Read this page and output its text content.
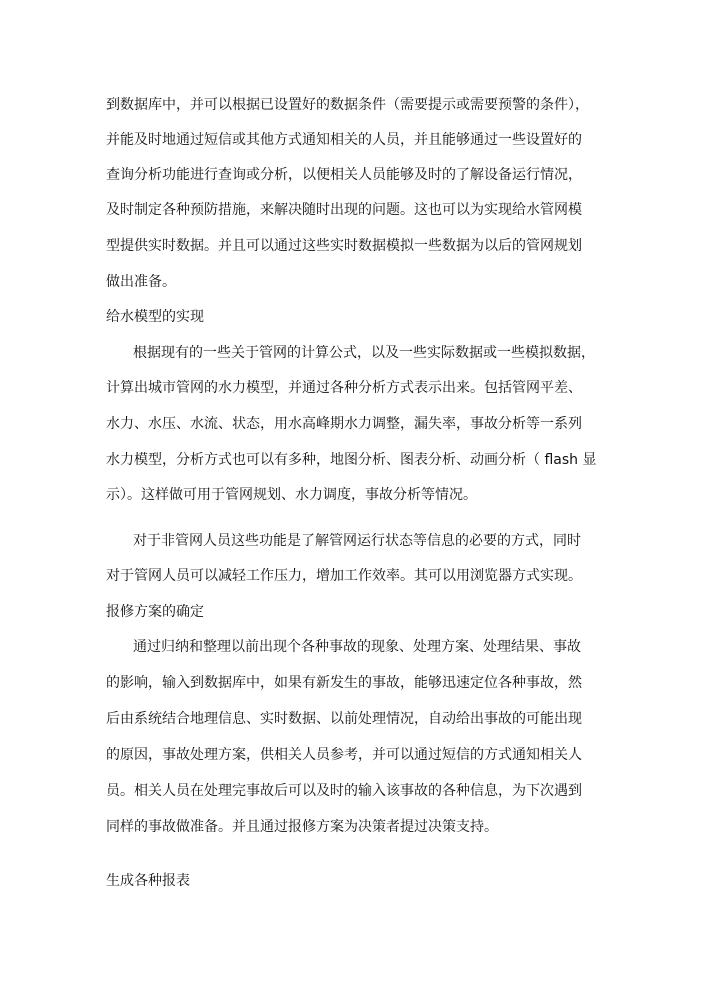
到数据库中，并可以根据已设置好的数据条件（需要提示或需要预警的条件），
并能及时地通过短信或其他方式通知相关的人员，并且能够通过一些设置好的
查询分析功能进行查询或分析，以便相关人员能够及时的了解设备运行情况，
及时制定各种预防措施，来解决随时出现的问题。这也可以为实现给水管网模
型提供实时数据。并且可以通过这些实时数据模拟一些数据为以后的管网规划
做出准备。
给水模型的实现
根据现有的一些关于管网的计算公式，以及一些实际数据或一些模拟数据，
计算出城市管网的水力模型，并通过各种分析方式表示出来。包括管网平差、
水力、水压、水流、状态，用水高峰期水力调整，漏失率，事故分析等一系列
水力模型，分析方式也可以有多种，地图分析、图表分析、动画分析（ flash 显
示）。这样做可用于管网规划、水力调度，事故分析等情况。
对于非管网人员这些功能是了解管网运行状态等信息的必要的方式，同时
对于管网人员可以减轻工作压力，增加工作效率。其可以用浏览器方式实现。
报修方案的确定
通过归纳和整理以前出现个各种事故的现象、处理方案、处理结果、事故
的影响，输入到数据库中，如果有新发生的事故，能够迅速定位各种事故，然
后由系统结合地理信息、实时数据、以前处理情况，自动给出事故的可能出现
的原因，事故处理方案，供相关人员参考，并可以通过短信的方式通知相关人
员。相关人员在处理完事故后可以及时的输入该事故的各种信息，为下次遇到
同样的事故做准备。并且通过报修方案为决策者提过决策支持。
生成各种报表
